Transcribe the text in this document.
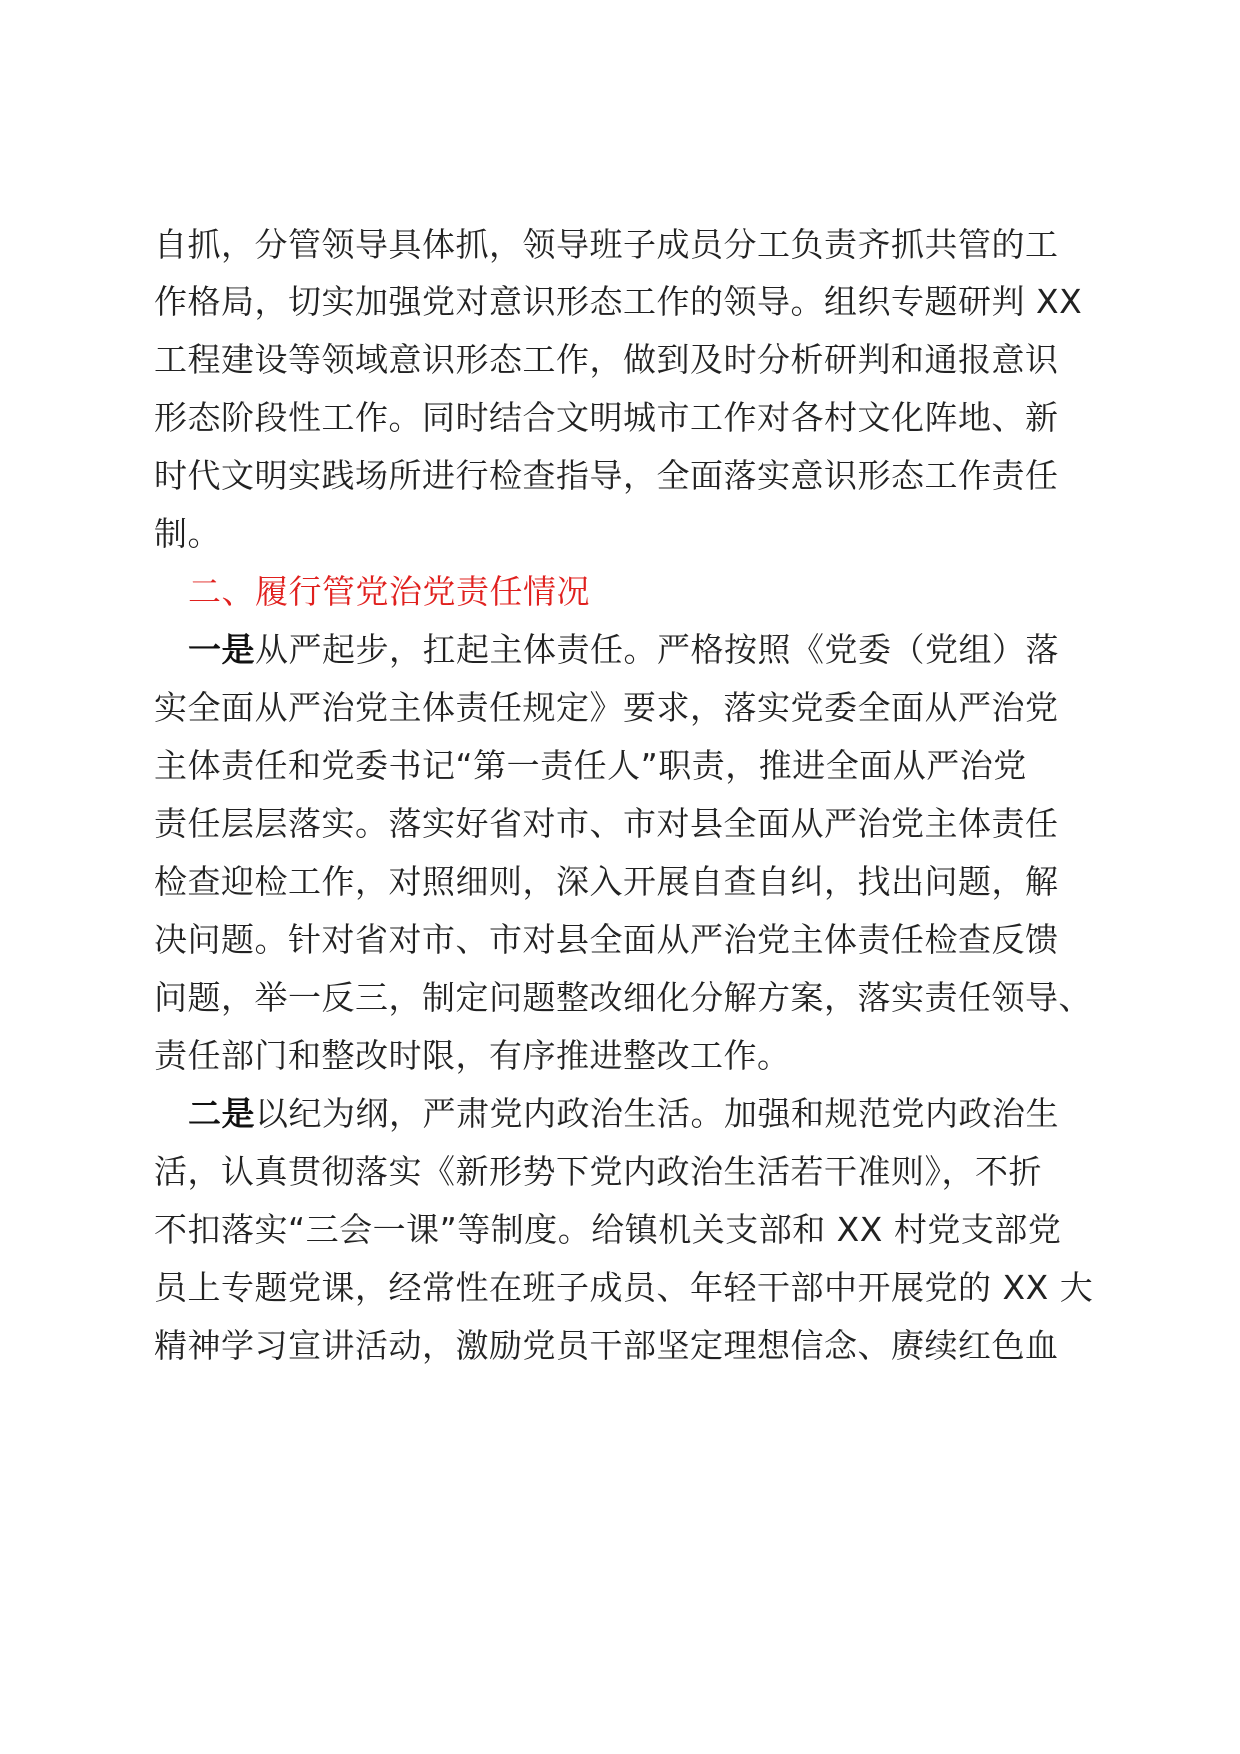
自抓，分管领导具体抓，领导班子成员分工负责齐抓共管的工
作格局，切实加强党对意识形态工作的领导。组织专题研判 XX
工程建设等领域意识形态工作，做到及时分析研判和通报意识
形态阶段性工作。同时结合文明城市工作对各村文化阵地、新
时代文明实践场所进行检查指导，全面落实意识形态工作责任
制。
二、履行管党治党责任情况
一是从严起步，扛起主体责任。严格按照《党委（党组）落
实全面从严治党主体责任规定》要求，落实党委全面从严治党
主体责任和党委书记“第一责任人”职责，推进全面从严治党
责任层层落实。落实好省对市、市对县全面从严治党主体责任
检查迎检工作，对照细则，深入开展自查自纠，找出问题，解
决问题。针对省对市、市对县全面从严治党主体责任检查反馈
问题，举一反三，制定问题整改细化分解方案，落实责任领导、
责任部门和整改时限，有序推进整改工作。
二是以纪为纲，严肃党内政治生活。加强和规范党内政治生
活，认真贯彻落实《新形势下党内政治生活若干准则》，不折
不扣落实“三会一课”等制度。给镇机关支部和 XX 村党支部党
员上专题党课，经常性在班子成员、年轻干部中开展党的 XX 大
精神学习宣讲活动，激励党员干部坚定理想信念、赓续红色血
